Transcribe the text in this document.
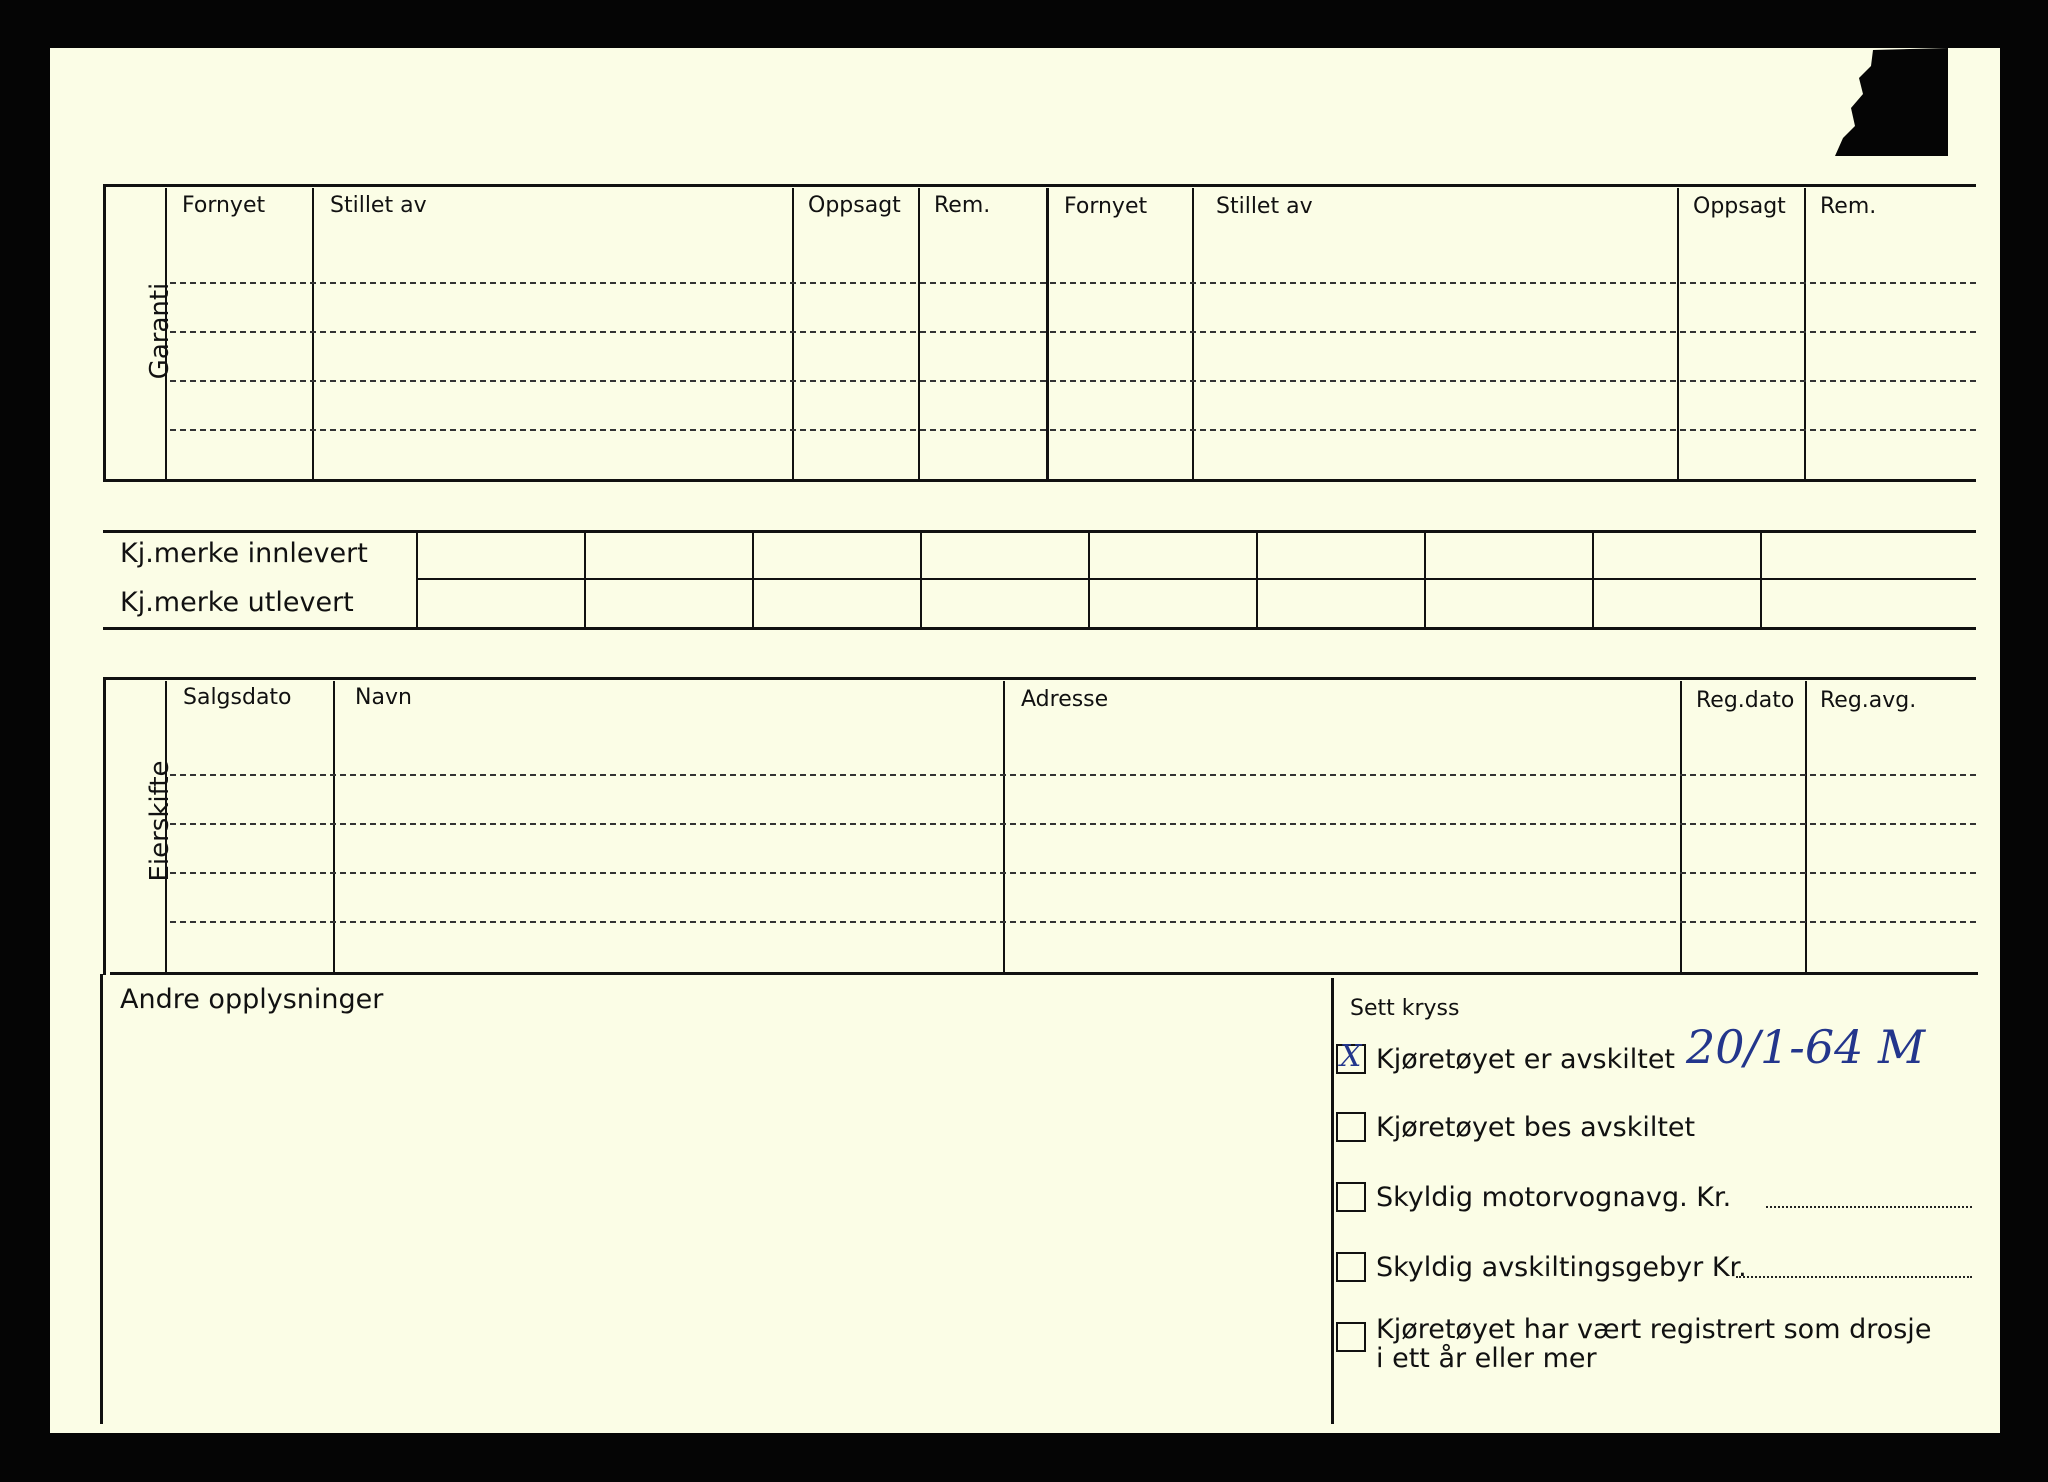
Garanti
Fornyet	Stillet av	Oppsagt Rem.	Fornyet	Stillet av	Oppsagt Rem.
Kj.merke innlevert
Kj.merke utlevert
Eierskifte
Salgsdato	Navn	Adresse	Reg.dato Reg.avg.
Andre opplysninger	Sett kryss
X Kjøretøyet er avskiltet 20/1-64 M
Kjøretøyet bes avskiltet
Skyldig motorvognavg. Kr.
Skyldig avskiltingsgebyr Kr.
Kjøretøyet har vært registrert som drosje
i ett år eller mer
